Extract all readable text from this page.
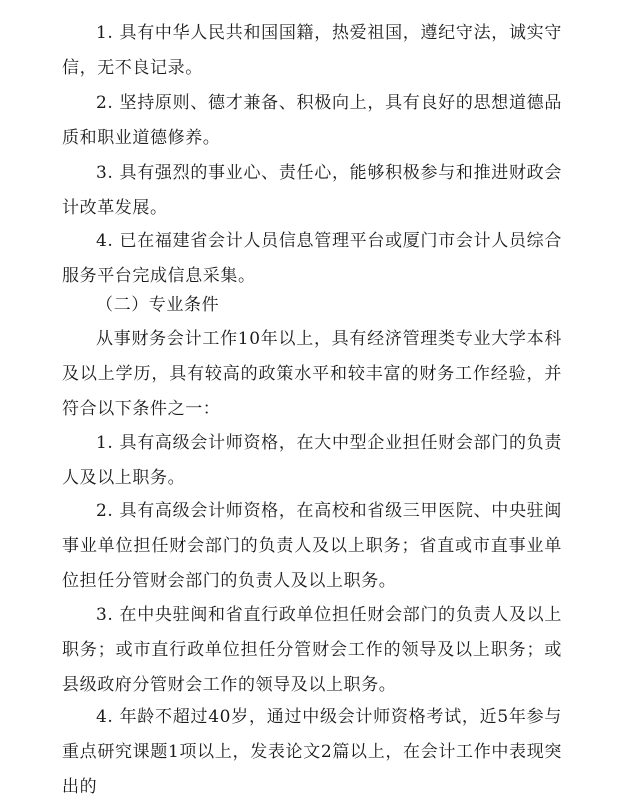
1. 具有中华人民共和国国籍，热爱祖国，遵纪守法，诚实守信，无不良记录。

2. 坚持原则、德才兼备、积极向上，具有良好的思想道德品质和职业道德修养。

3. 具有强烈的事业心、责任心，能够积极参与和推进财政会计改革发展。

4. 已在福建省会计人员信息管理平台或厦门市会计人员综合服务平台完成信息采集。

（二）专业条件

从事财务会计工作10年以上，具有经济管理类专业大学本科及以上学历，具有较高的政策水平和较丰富的财务工作经验，并符合以下条件之一：

1. 具有高级会计师资格，在大中型企业担任财会部门的负责人及以上职务。

2. 具有高级会计师资格，在高校和省级三甲医院、中央驻闽事业单位担任财会部门的负责人及以上职务；省直或市直事业单位担任分管财会部门的负责人及以上职务。

3. 在中央驻闽和省直行政单位担任财会部门的负责人及以上职务；或市直行政单位担任分管财会工作的领导及以上职务；或县级政府分管财会工作的领导及以上职务。

4. 年龄不超过40岁，通过中级会计师资格考试，近5年参与重点研究课题1项以上，发表论文2篇以上，在会计工作中表现突出的
